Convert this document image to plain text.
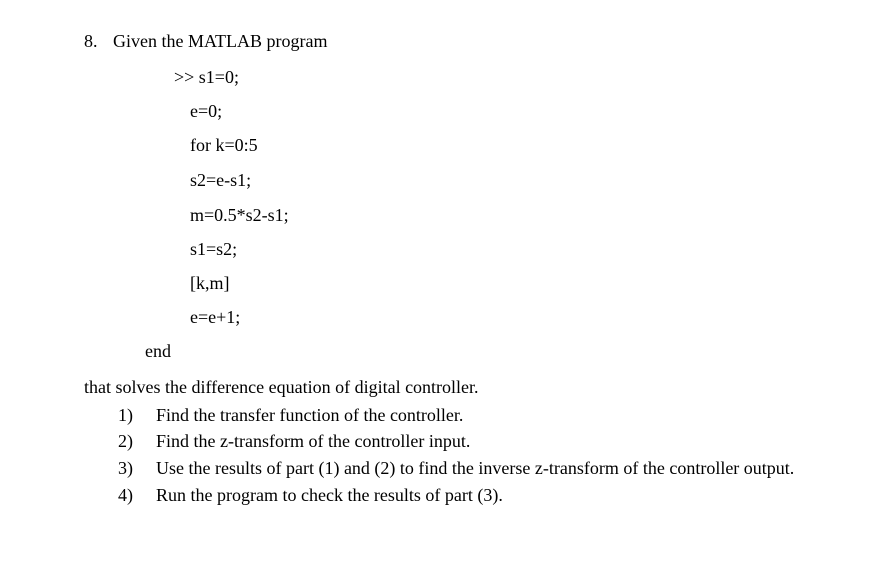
8. Given the MATLAB program
>> s1=0;
e=0;
for k=0:5
s2=e-s1;
m=0.5*s2-s1;
s1=s2;
[k,m]
e=e+1;
end
that solves the difference equation of digital controller.
1) Find the transfer function of the controller.
2) Find the z-transform of the controller input.
3) Use the results of part (1) and (2) to find the inverse z-transform of the controller output.
4) Run the program to check the results of part (3).
